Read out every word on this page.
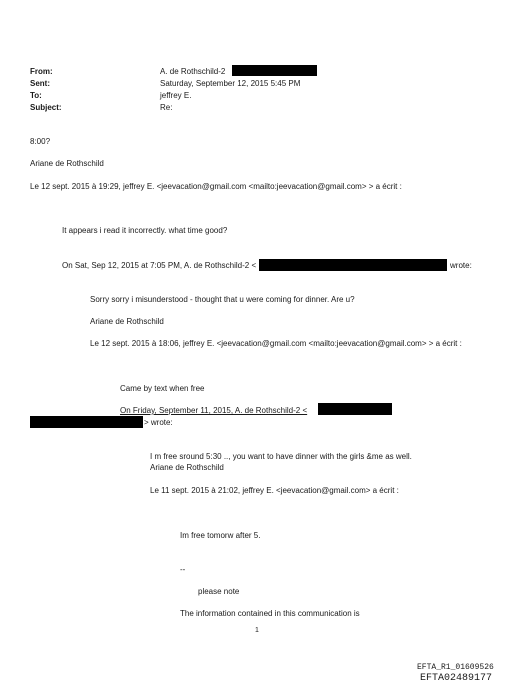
From:	A. de Rothschild-2
Sent:	Saturday, September 12, 2015 5:45 PM
To:	jeffrey E.
Subject:	Re:
8:00?
Ariane de Rothschild
Le 12 sept. 2015 à 19:29, jeffrey E. <jeevacation@gmail.com <mailto:jeevacation@gmail.com> > a écrit :
It appears i read it incorrectly. what time good?
On Sat, Sep 12, 2015 at 7:05 PM, A. de Rothschild-2 <	wrote:
Sorry sorry i misunderstood - thought that u were coming for dinner. Are u?
Ariane de Rothschild
Le 12 sept. 2015 à 18:06, jeffrey E. <jeevacation@gmail.com <mailto:jeevacation@gmail.com> > a écrit :
Came by text when free
On Friday, September 11, 2015, A. de Rothschild-2 <
> wrote:
I m free sround 5:30 .., you want to have dinner with the girls &me as well.
Ariane de Rothschild
Le 11 sept. 2015 à 21:02, jeffrey E. <jeevacation@gmail.com> a écrit :
Im free tomorw after 5.
--
please note
The information contained in this communication is
1
EFTA_R1_01609526
EFTA02489177
